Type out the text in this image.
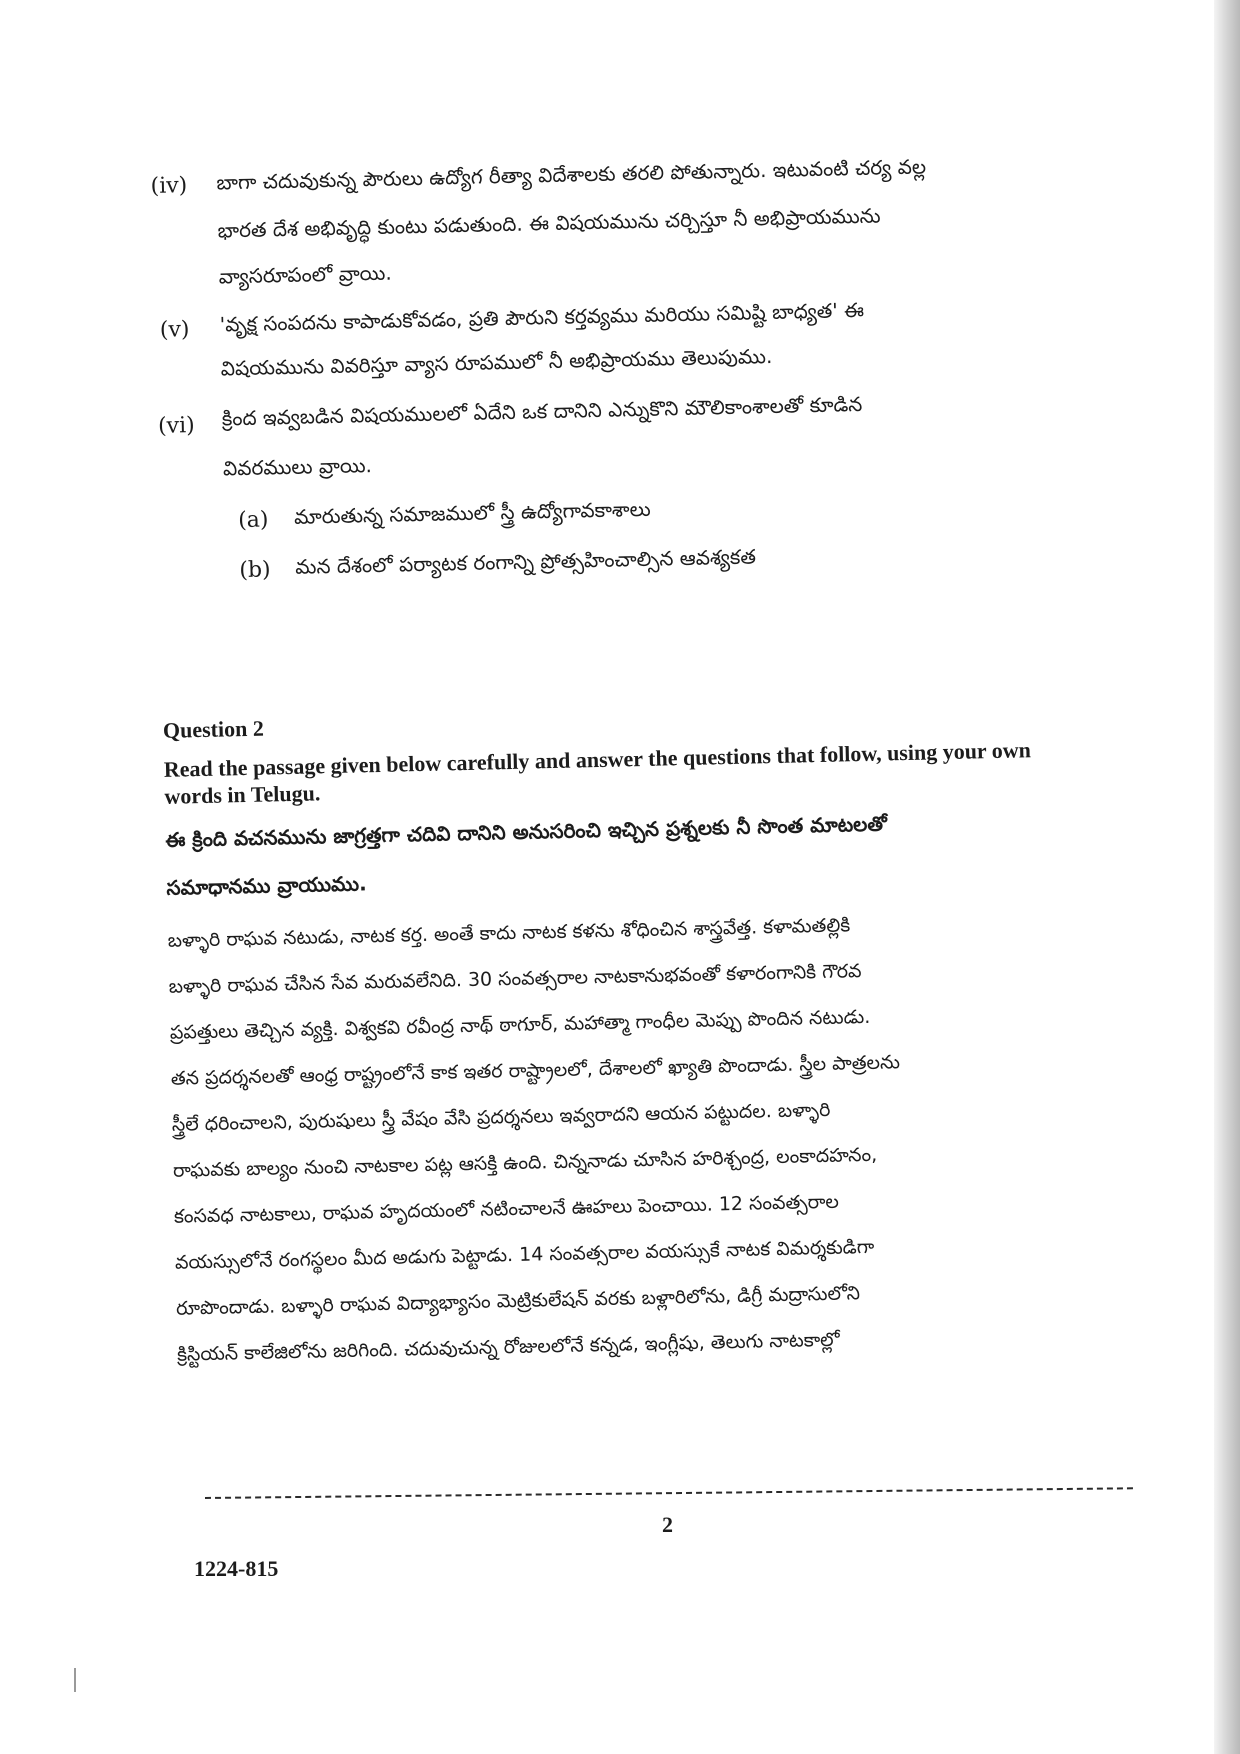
(iv) బాగా చదువుకున్న పౌరులు ఉద్యోగ రీత్యా విదేశాలకు తరలి పోతున్నారు. ఇటువంటి చర్య వల్ల
భారత దేశ అభివృద్ధి కుంటు పడుతుంది. ఈ విషయమును చర్చిస్తూ నీ అభిప్రాయమును
వ్యాసరూపంలో వ్రాయి.
(v) 'వృక్ష సంపదను కాపాడుకోవడం, ప్రతి పౌరుని కర్తవ్యము మరియు సమిష్టి బాధ్యత' ఈ
విషయమును వివరిస్తూ వ్యాస రూపములో నీ అభిప్రాయము తెలుపుము.
(vi) క్రింద ఇవ్వబడిన విషయములలో ఏదేని ఒక దానిని ఎన్నుకొని మౌలికాంశాలతో కూడిన
వివరములు వ్రాయి.
(a) మారుతున్న సమాజములో స్త్రీ ఉద్యోగావకాశాలు
(b) మన దేశంలో పర్యాటక రంగాన్ని ప్రోత్సహించాల్సిన ఆవశ్యకత
Question 2
Read the passage given below carefully and answer the questions that follow, using your own words in Telugu.
ఈ క్రింది వచనమును జాగ్రత్తగా చదివి దానిని అనుసరించి ఇచ్చిన ప్రశ్నలకు నీ సొంత మాటలతో
సమాధానము వ్రాయుము.
బళ్ళారి రాఘవ నటుడు, నాటక కర్త. అంతే కాదు నాటక కళను శోధించిన శాస్త్రవేత్త. కళామతల్లికి
బళ్ళారి రాఘవ చేసిన సేవ మరువలేనిది. 30 సంవత్సరాల నాటకానుభవంతో కళారంగానికి గౌరవ
ప్రపత్తులు తెచ్చిన వ్యక్తి. విశ్వకవి రవీంద్ర నాథ్ ఠాగూర్, మహాత్మా గాంధీల మెప్పు పొందిన నటుడు.
తన ప్రదర్శనలతో ఆంధ్ర రాష్ట్రంలోనే కాక ఇతర రాష్ట్రాలలో, దేశాలలో ఖ్యాతి పొందాడు. స్త్రీల పాత్రలను
స్త్రీలే ధరించాలని, పురుషులు స్త్రీ వేషం వేసి ప్రదర్శనలు ఇవ్వరాదని ఆయన పట్టుదల. బళ్ళారి
రాఘవకు బాల్యం నుంచి నాటకాల పట్ల ఆసక్తి ఉంది. చిన్ననాడు చూసిన హరిశ్చంద్ర, లంకాదహనం,
కంసవధ నాటకాలు, రాఘవ హృదయంలో నటించాలనే ఊహలు పెంచాయి. 12 సంవత్సరాల
వయస్సులోనే రంగస్థలం మీద అడుగు పెట్టాడు. 14 సంవత్సరాల వయస్సుకే నాటక విమర్శకుడిగా
రూపొందాడు. బళ్ళారి రాఘవ విద్యాభ్యాసం మెట్రికులేషన్ వరకు బళ్లారిలోను, డిగ్రీ మద్రాసులోని
క్రిస్టియన్ కాలేజిలోను జరిగింది. చదువుచున్న రోజులలోనే కన్నడ, ఇంగ్లీషు, తెలుగు నాటకాల్లో
2
1224-815
